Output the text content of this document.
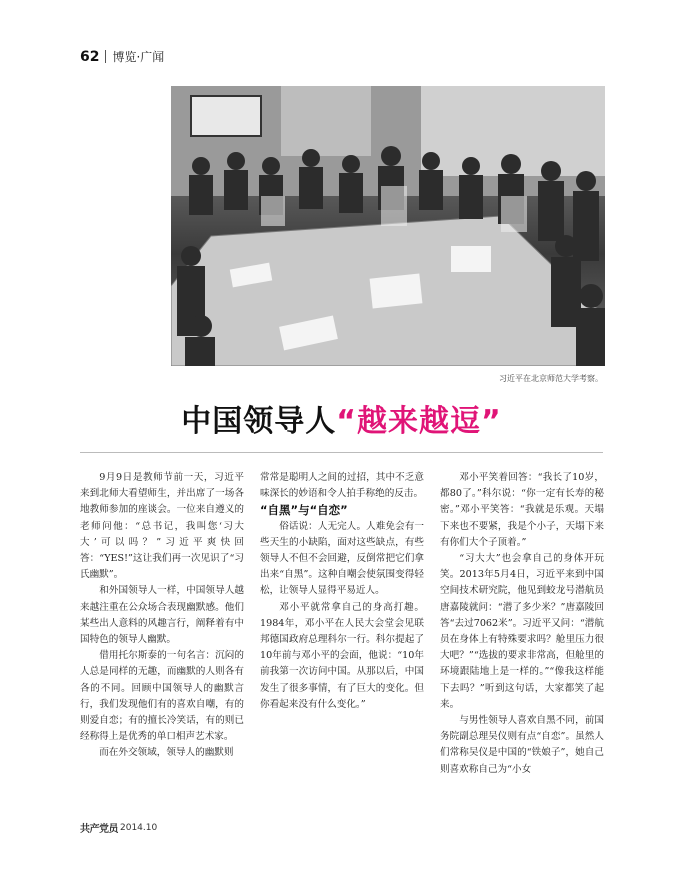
62 博览·广闻
习近平在北京师范大学考察。
中国领导人“越来越逗”

9月9日是教师节前一天，习近平来到北师大看望师生，并出席了一场各地教师参加的座谈会。一位来自遵义的老师问他：“总书记，我叫您‘习大大’可以吗？”习近平爽快回答：“YES!”这让我们再一次见识了“习氏幽默”。

和外国领导人一样，中国领导人越来越注重在公众场合表现幽默感。他们某些出人意料的风趣言行，阐释着有中国特色的领导人幽默。

借用托尔斯泰的一句名言：沉闷的人总是同样的无趣，而幽默的人则各有各的不同。回顾中国领导人的幽默言行，我们发现他们有的喜欢自嘲，有的则爱自恋；有的擅长冷笑话，有的则已经称得上是优秀的单口相声艺术家。

而在外交领域，领导人的幽默则

常常是聪明人之间的过招，其中不乏意味深长的妙语和令人拍手称绝的反击。

“自黑”与“自恋”

俗话说：人无完人。人难免会有一些天生的小缺陷，面对这些缺点，有些领导人不但不会回避，反倒常把它们拿出来“自黑”。这种自嘲会使氛围变得轻松，让领导人显得平易近人。

邓小平就常拿自己的身高打趣。1984年，邓小平在人民大会堂会见联邦德国政府总理科尔一行。科尔提起了10年前与邓小平的会面，他说：“10年前我第一次访问中国。从那以后，中国发生了很多事情，有了巨大的变化。但你看起来没有什么变化。”

邓小平笑着回答：“我长了10岁，都80了。”科尔说：“你一定有长寿的秘密。”邓小平笑答：“我就是乐观。天塌下来也不要紧，我是个小子，天塌下来有你们大个子顶着。”

“习大大”也会拿自己的身体开玩笑。2013年5月4日，习近平来到中国空间技术研究院，他见到蛟龙号潜航员唐嘉陵就问：“潜了多少米？”唐嘉陵回答“去过7062米”。习近平又问：“潜航员在身体上有特殊要求吗？舱里压力很大吧？”“选拔的要求非常高，但舱里的环境跟陆地上是一样的。”“像我这样能下去吗？”听到这句话，大家都笑了起来。

与男性领导人喜欢自黑不同，前国务院副总理吴仪则有点“自恋”。虽然人们常称吴仪是中国的“铁娘子”，她自己则喜欢称自己为“小女

共产党员 2014.10
